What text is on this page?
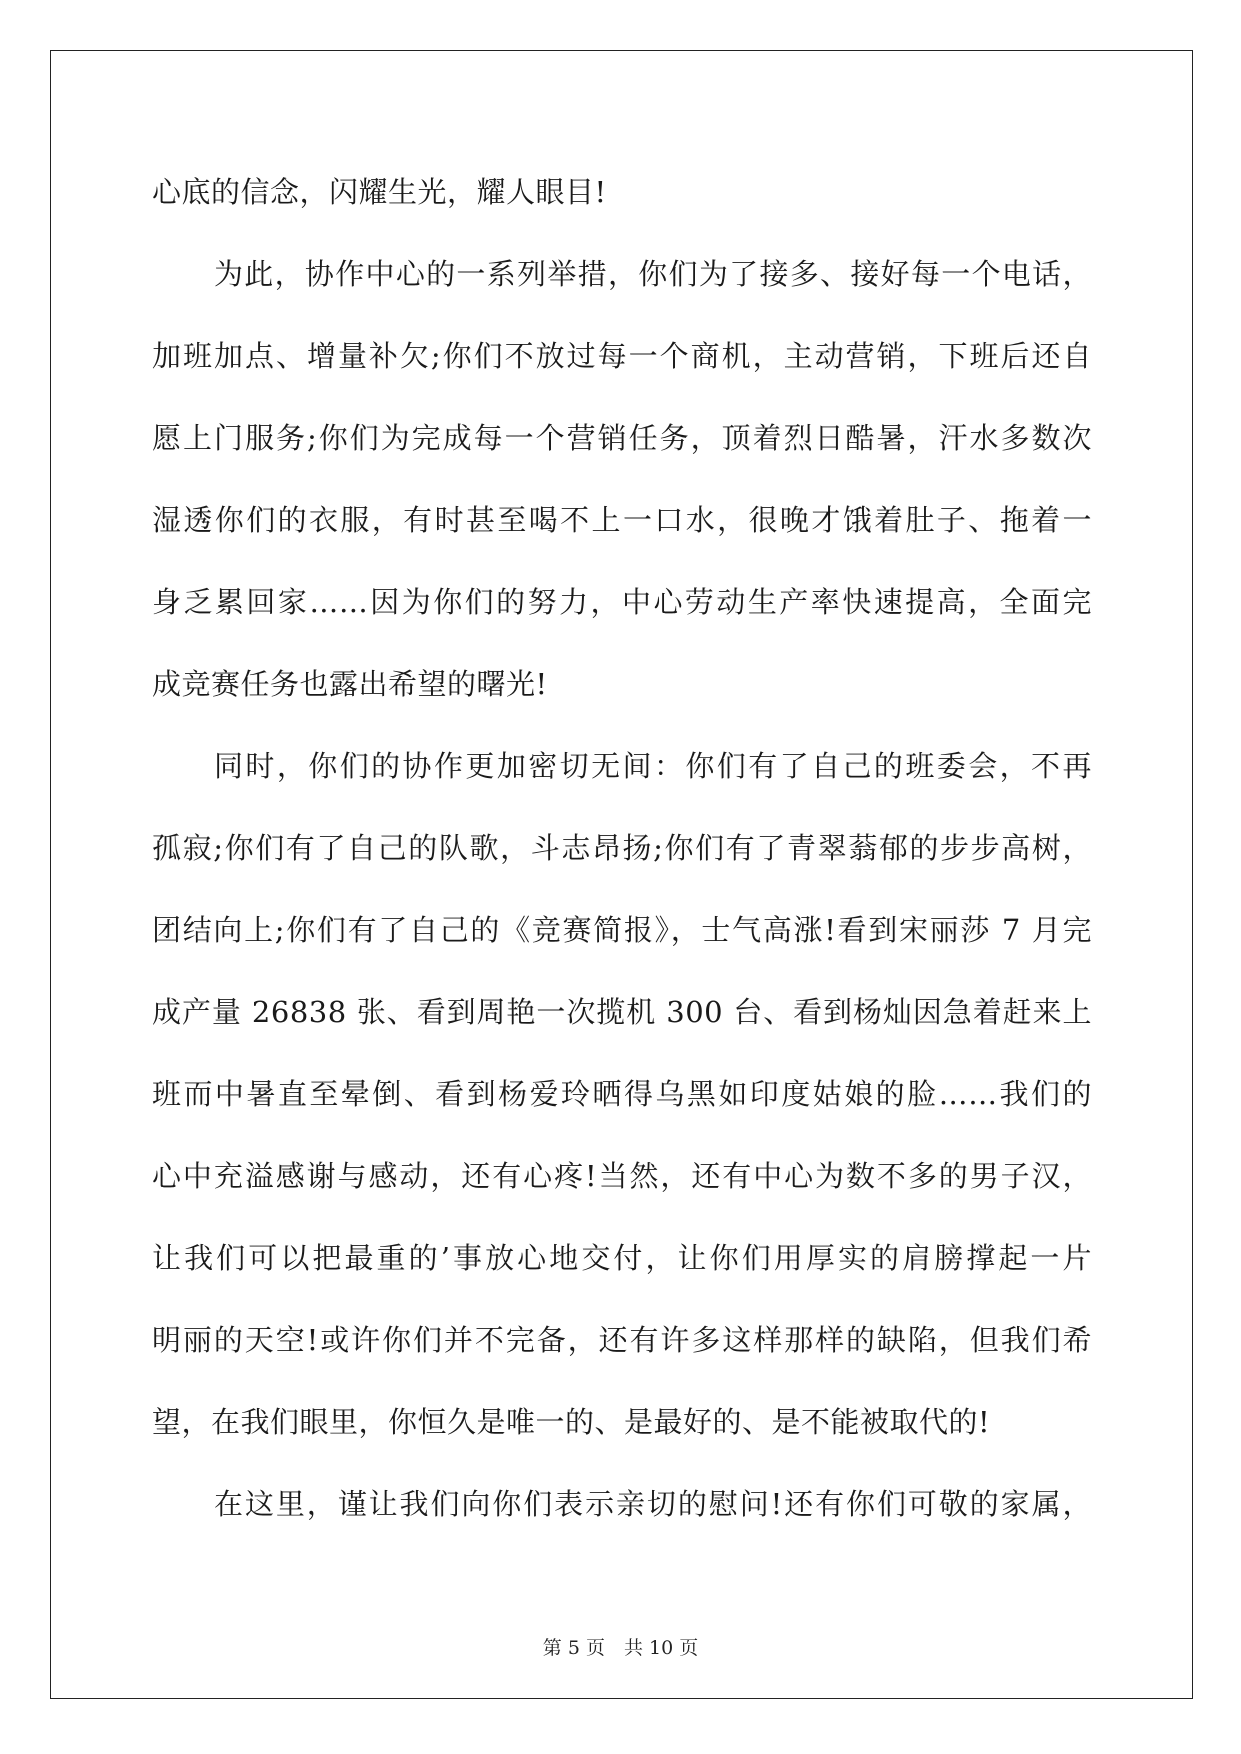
心底的信念，闪耀生光，耀人眼目!
为此，协作中心的一系列举措，你们为了接多、接好每一个电话，
加班加点、增量补欠;你们不放过每一个商机，主动营销，下班后还自
愿上门服务;你们为完成每一个营销任务，顶着烈日酷暑，汗水多数次
湿透你们的衣服，有时甚至喝不上一口水，很晚才饿着肚子、拖着一
身乏累回家……因为你们的努力，中心劳动生产率快速提高，全面完
成竞赛任务也露出希望的曙光!
同时，你们的协作更加密切无间：你们有了自己的班委会，不再
孤寂;你们有了自己的队歌，斗志昂扬;你们有了青翠蓊郁的步步高树，
团结向上;你们有了自己的《竞赛简报》，士气高涨!看到宋丽莎 7 月完
成产量 26838 张、看到周艳一次揽机 300 台、看到杨灿因急着赶来上
班而中暑直至晕倒、看到杨爱玲晒得乌黑如印度姑娘的脸……我们的
心中充溢感谢与感动，还有心疼!当然，还有中心为数不多的男子汉，
让我们可以把最重的’事放心地交付，让你们用厚实的肩膀撑起一片
明丽的天空!或许你们并不完备，还有许多这样那样的缺陷，但我们希
望，在我们眼里，你恒久是唯一的、是最好的、是不能被取代的!
在这里，谨让我们向你们表示亲切的慰问!还有你们可敬的家属，
第 5 页　共 10 页
